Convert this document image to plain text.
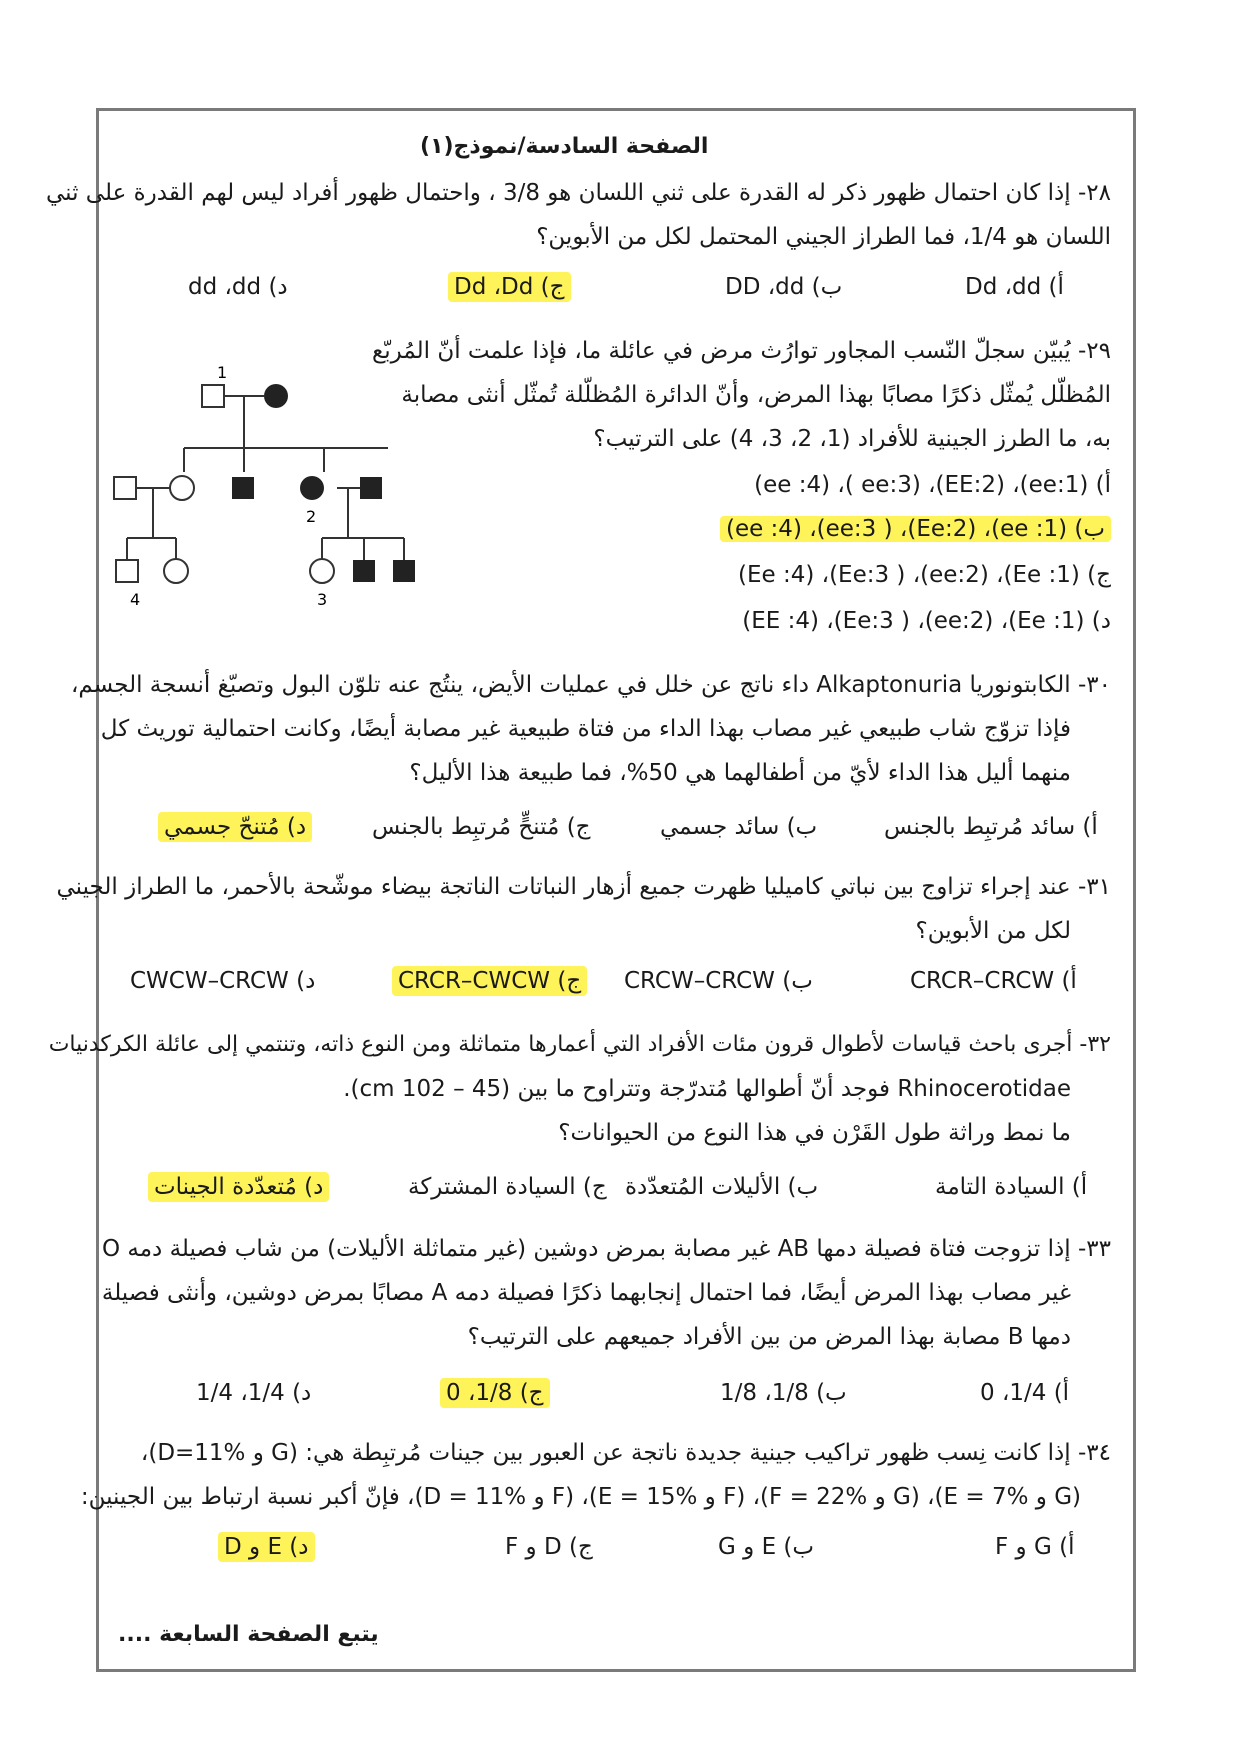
الصفحة السادسة/نموذج(١)
٢٨- إذا كان احتمال ظهور ذكر له القدرة على ثني اللسان هو 3/8 ، واحتمال ظهور أفراد ليس لهم القدرة على ثني
اللسان هو 1/4، فما الطراز الجيني المحتمل لكل من الأبوين؟
أ) Dd ،dd
ب) DD ،dd
ج) Dd ،Dd
د) dd ،dd
٢٩- يُبيّن سجلّ النّسب المجاور توارُث مرض في عائلة ما، فإذا علمت أنّ المُربّع
المُظلّل يُمثّل ذكرًا مصابًا بهذا المرض، وأنّ الدائرة المُظلّلة تُمثّل أنثى مصابة
به، ما الطرز الجينية للأفراد (1، 2، 3، 4) على الترتيب؟
أ) (ee:1)، (EE:2)، (ee:3 )، (ee :4)
ب) (ee :1)، (Ee:2)، ( ee:3)، (ee :4)
ج) (Ee :1)، (ee:2)، ( Ee:3)، (Ee :4)
د) (Ee :1)، (ee:2)، ( Ee:3)، (EE :4)
1
2
3
4
٣٠- الكابتونوريا Alkaptonuria داء ناتج عن خلل في عمليات الأيض، ينتُج عنه تلوّن البول وتصبّغ أنسجة الجسم،
فإذا تزوّج شاب طبيعي غير مصاب بهذا الداء من فتاة طبيعية غير مصابة أيضًا، وكانت احتمالية توريث كل
منهما أليل هذا الداء لأيّ من أطفالهما هي 50%، فما طبيعة هذا الأليل؟
أ) سائد مُرتبِط بالجنس
ب) سائد جسمي
ج) مُتنحٍّ مُرتبِط بالجنس
د) مُتنحّ جسمي
٣١- عند إجراء تزاوج بين نباتي كاميليا ظهرت جميع أزهار النباتات الناتجة بيضاء موشّحة بالأحمر، ما الطراز الجيني
لكل من الأبوين؟
أ) CRCR–CRCW
ب) CRCW–CRCW
ج) CRCR–CWCW
د) CWCW–CRCW
٣٢- أجرى باحث قياسات لأطوال قرون مئات الأفراد التي أعمارها متماثلة ومن النوع ذاته، وتنتمي إلى عائلة الكركدنيات
Rhinocerotidae فوجد أنّ أطوالها مُتدرّجة وتتراوح ما بين (45 – 102 cm).
ما نمط وراثة طول القَرْن في هذا النوع من الحيوانات؟
أ) السيادة التامة
ب) الأليلات المُتعدّدة
ج) السيادة المشتركة
د) مُتعدّدة الجينات
٣٣- إذا تزوجت فتاة فصيلة دمها AB غير مصابة بمرض دوشين (غير متماثلة الأليلات) من شاب فصيلة دمه O
غير مصاب بهذا المرض أيضًا، فما احتمال إنجابهما ذكرًا فصيلة دمه A مصابًا بمرض دوشين، وأنثى فصيلة
دمها B مصابة بهذا المرض من بين الأفراد جميعهم على الترتيب؟
أ) 1/4، 0
ب) 1/8، 1/8
ج) 1/8، 0
د) 1/4، 1/4
٣٤- إذا كانت نِسب ظهور تراكيب جينية جديدة ناتجة عن العبور بين جينات مُرتبِطة هي: (G و D=11%)،
(G و E = 7%)، (G و F = 22%)، (F و E = 15%)، (F و D = 11%)، فإنّ أكبر نسبة ارتباط بين الجينين:
أ) G و F
ب) E و G
ج) D و F
د) E و D
يتبع الصفحة السابعة ....
